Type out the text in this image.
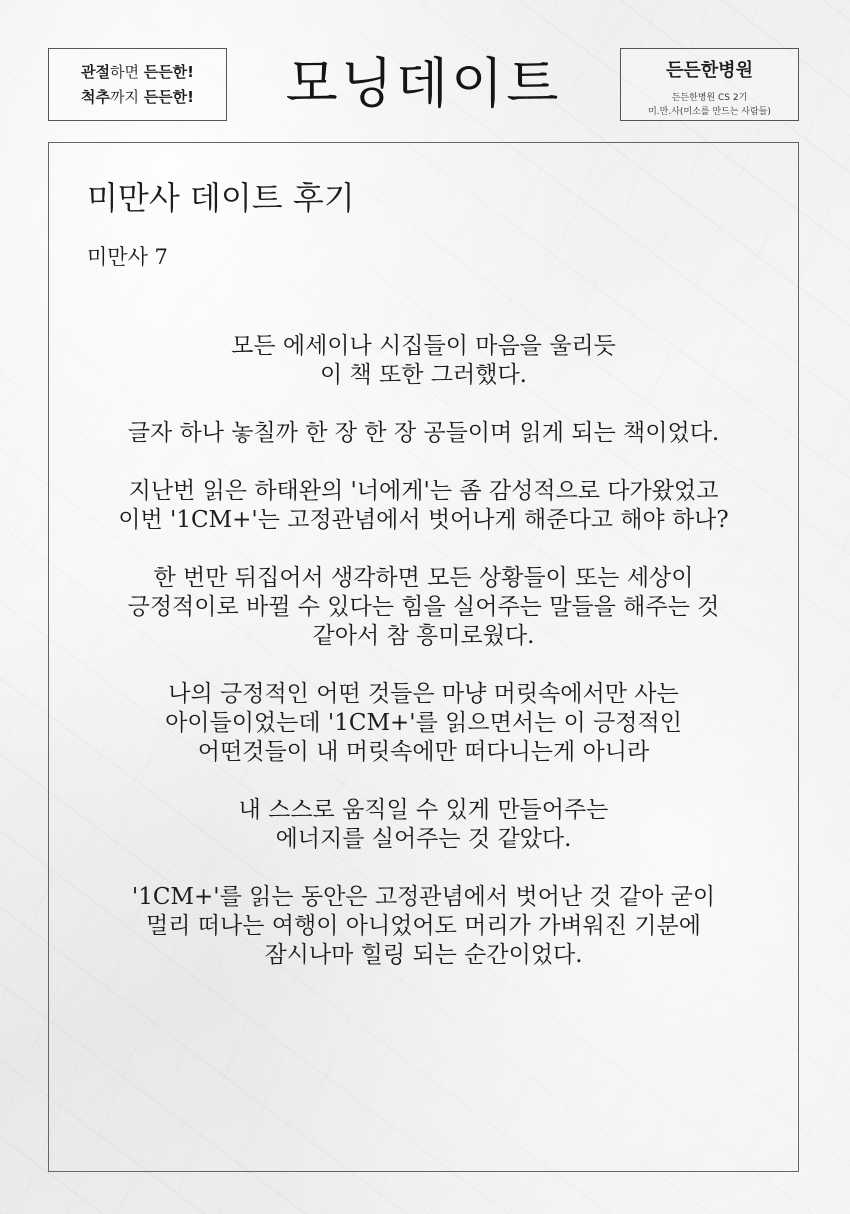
관절하면 든든한!
척추까지 든든한!	모닝데이트	든든한병원
든든한병원 CS 2기
미.만.사(미소를 만드는 사람들)
미만사 데이트 후기
미만사 7
모든 에세이나 시집들이 마음을 울리듯
이 책 또한 그러했다.
글자 하나 놓칠까 한 장 한 장 공들이며 읽게 되는 책이었다.
지난번 읽은 하태완의 '너에게'는 좀 감성적으로 다가왔었고
이번 '1CM+'는 고정관념에서 벗어나게 해준다고 해야 하나?
한 번만 뒤집어서 생각하면 모든 상황들이 또는 세상이
긍정적이로 바뀔 수 있다는 힘을 실어주는 말들을 해주는 것
같아서 참 흥미로웠다.
나의 긍정적인 어떤 것들은 마냥 머릿속에서만 사는
아이들이었는데 '1CM+'를 읽으면서는 이 긍정적인
어떤것들이 내 머릿속에만 떠다니는게 아니라
내 스스로 움직일 수 있게 만들어주는
에너지를 실어주는 것 같았다.
'1CM+'를 읽는 동안은 고정관념에서 벗어난 것 같아 굳이
멀리 떠나는 여행이 아니었어도 머리가 가벼워진 기분에
잠시나마 힐링 되는 순간이었다.
